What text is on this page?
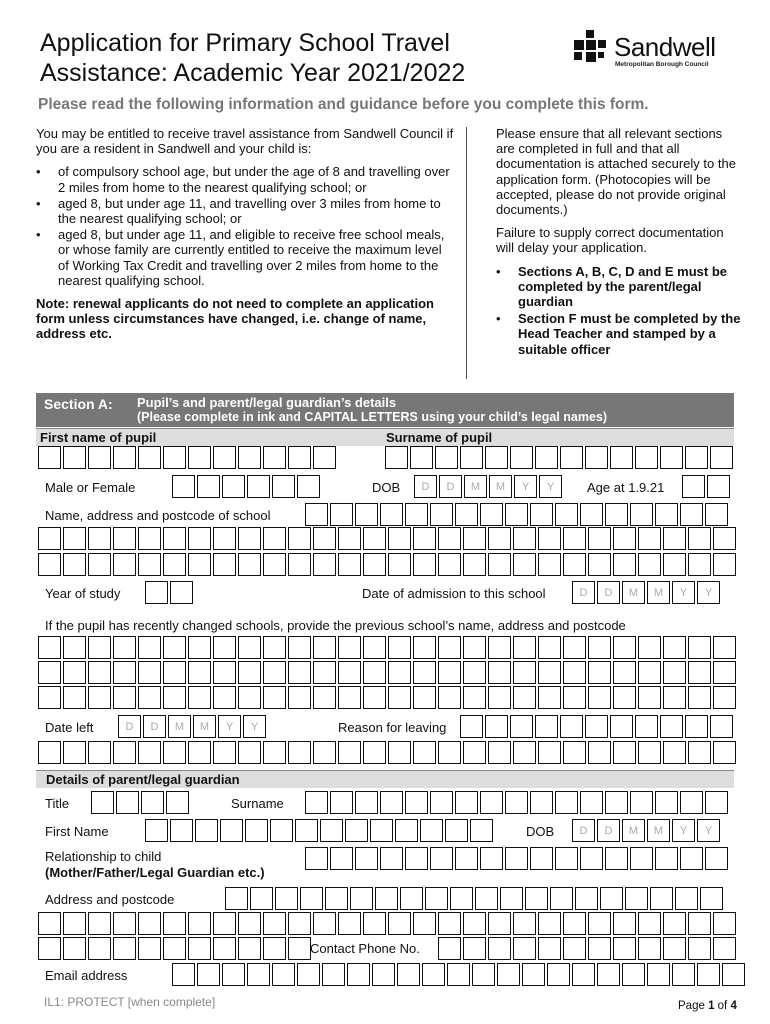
Application for Primary School Travel
Assistance: Academic Year 2021/2022
Sandwell
Metropolitan Borough Council
Please read the following information and guidance before you complete this form.
You may be entitled to receive travel assistance from Sandwell Council if you are a resident in Sandwell and your child is:
• of compulsory school age, but under the age of 8 and travelling over 2 miles from home to the nearest qualifying school; or
• aged 8, but under age 11, and travelling over 3 miles from home to the nearest qualifying school; or
• aged 8, but under age 11, and eligible to receive free school meals, or whose family are currently entitled to receive the maximum level of Working Tax Credit and travelling over 2 miles from home to the nearest qualifying school.
Note: renewal applicants do not need to complete an application form unless circumstances have changed, i.e. change of name, address etc.

Please ensure that all relevant sections are completed in full and that all documentation is attached securely to the application form. (Photocopies will be accepted, please do not provide original documents.)

Failure to supply correct documentation will delay your application.

• Sections A, B, C, D and E must be completed by the parent/legal guardian
• Section F must be completed by the Head Teacher and stamped by a suitable officer
Section A: Pupil’s and parent/legal guardian’s details
(Please complete in ink and CAPITAL LETTERS using your child’s legal names)
First name of pupil	Surname of pupil
Male or Female	DOB	D	D	M	M	Y	Y	Age at 1.9.21
Name, address and postcode of school
Year of study	Date of admission to this school	D	D	M	M	Y	Y
If the pupil has recently changed schools, provide the previous school’s name, address and postcode
Date left	D	D	M	M	Y	Y	Reason for leaving
Details of parent/legal guardian
Title	Surname
First Name	DOB	D	D	M	M	Y	Y
Relationship to child
(Mother/Father/Legal Guardian etc.)
Address and postcode
Contact Phone No.
Email address
IL1: PROTECT [when complete]	Page 1 of 4
